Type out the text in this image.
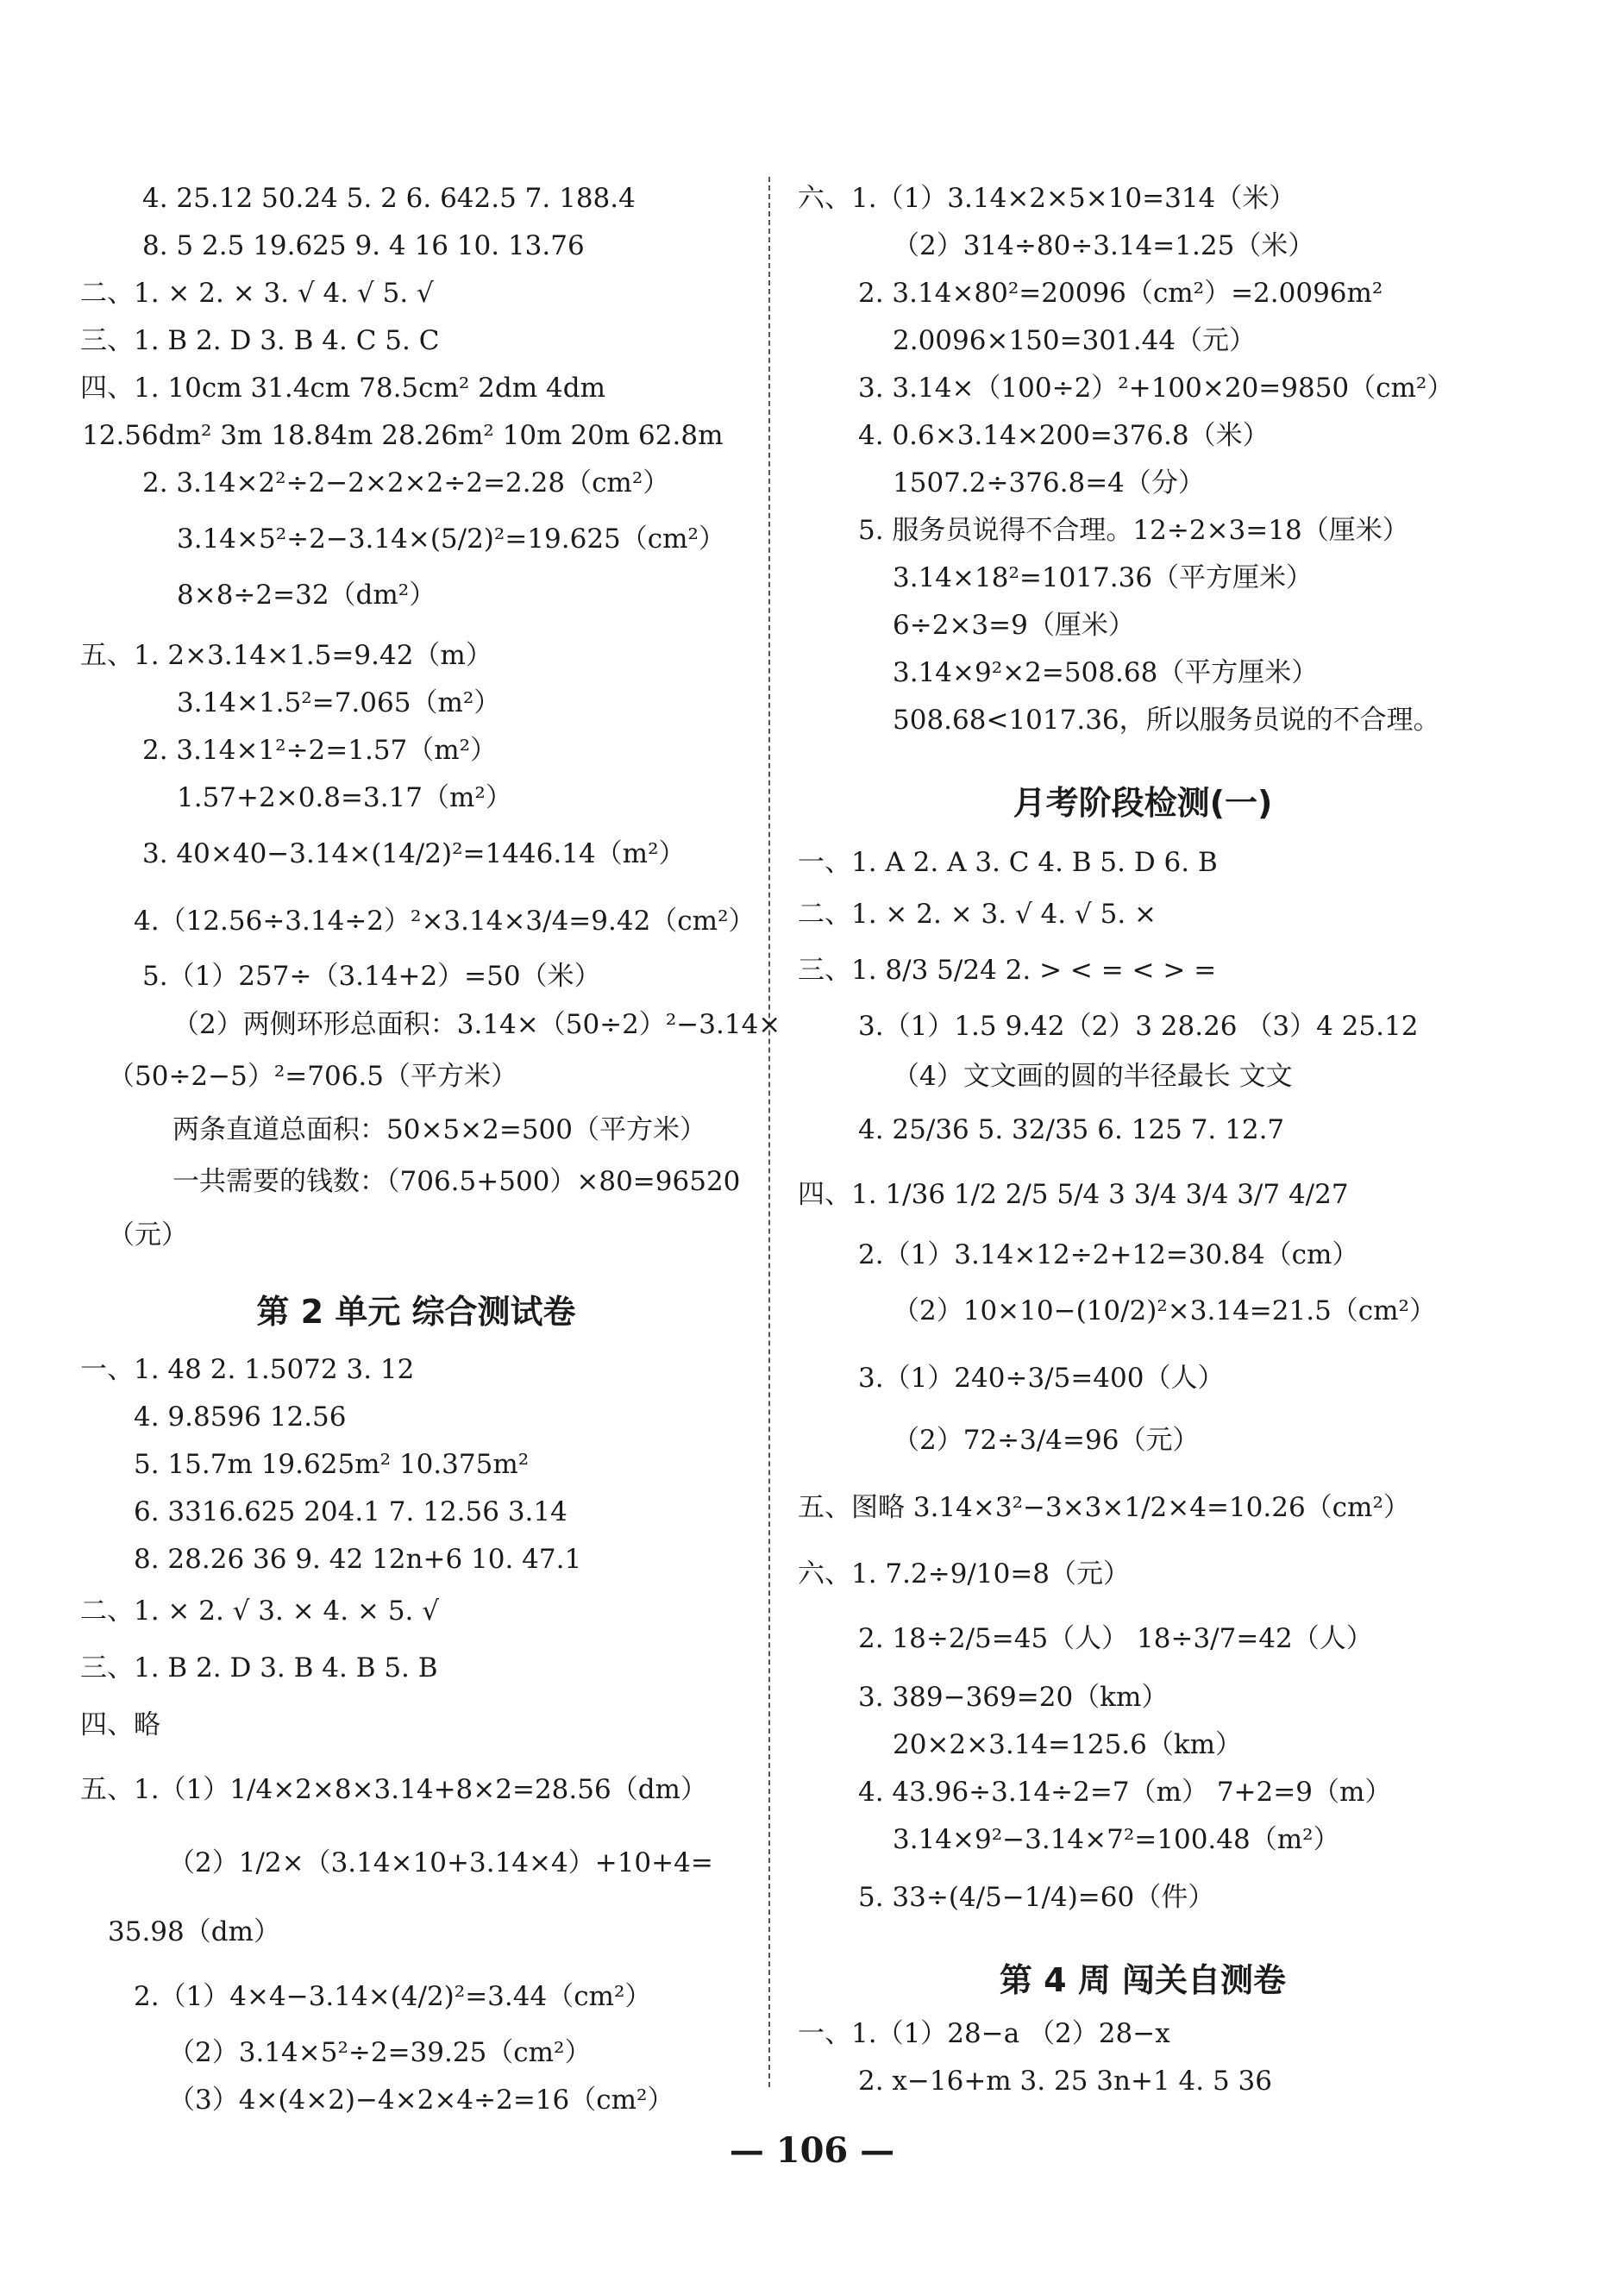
4. 25.12 50.24 5. 2 6. 642.5 7. 188.4
8. 5 2.5 19.625 9. 4 16 10. 13.76
二、1. × 2. × 3. √ 4. √ 5. √
三、1. B 2. D 3. B 4. C 5. C
四、1. 10cm 31.4cm 78.5cm² 2dm 4dm
12.56dm² 3m 18.84m 28.26m² 10m 20m 62.8m
2. 3.14×2²÷2−2×2×2÷2=2.28（cm²）
3.14×5²÷2−3.14×(5/2)²=19.625（cm²）
8×8÷2=32（dm²）
五、1. 2×3.14×1.5=9.42（m）
3.14×1.5²=7.065（m²）
2. 3.14×1²÷2=1.57（m²）
1.57+2×0.8=3.17（m²）
3. 40×40−3.14×(14/2)²=1446.14（m²）
4.（12.56÷3.14÷2）²×3.14×3/4=9.42（cm²）
5.（1）257÷（3.14+2）=50（米）
（2）两侧环形总面积：3.14×（50÷2）²−3.14×
（50÷2−5）²=706.5（平方米）
两条直道总面积：50×5×2=500（平方米）
一共需要的钱数：（706.5+500）×80=96520
（元）
第 2 单元 综合测试卷
一、1. 48 2. 1.5072 3. 12
4. 9.8596 12.56
5. 15.7m 19.625m² 10.375m²
6. 3316.625 204.1 7. 12.56 3.14
8. 28.26 36 9. 42 12n+6 10. 47.1
二、1. × 2. √ 3. × 4. × 5. √
三、1. B 2. D 3. B 4. B 5. B
四、略
五、1.（1）1/4×2×8×3.14+8×2=28.56（dm）
（2）1/2×（3.14×10+3.14×4）+10+4=
35.98（dm）
2.（1）4×4−3.14×(4/2)²=3.44（cm²）
（2）3.14×5²÷2=39.25（cm²）
（3）4×(4×2)−4×2×4÷2=16（cm²）
六、1.（1）3.14×2×5×10=314（米）
（2）314÷80÷3.14=1.25（米）
2. 3.14×80²=20096（cm²）=2.0096m²
2.0096×150=301.44（元）
3. 3.14×（100÷2）²+100×20=9850（cm²）
4. 0.6×3.14×200=376.8（米）
1507.2÷376.8=4（分）
5. 服务员说得不合理。12÷2×3=18（厘米）
3.14×18²=1017.36（平方厘米）
6÷2×3=9（厘米）
3.14×9²×2=508.68（平方厘米）
508.68<1017.36，所以服务员说的不合理。
月考阶段检测(一)
一、1. A 2. A 3. C 4. B 5. D 6. B
二、1. × 2. × 3. √ 4. √ 5. ×
三、1. 8/3 5/24 2. > < = < > =
3.（1）1.5 9.42（2）3 28.26 （3）4 25.12
（4）文文画的圆的半径最长 文文
4. 25/36 5. 32/35 6. 125 7. 12.7
四、1. 1/36 1/2 2/5 5/4 3 3/4 3/4 3/7 4/27
2.（1）3.14×12÷2+12=30.84（cm）
（2）10×10−(10/2)²×3.14=21.5（cm²）
3.（1）240÷3/5=400（人）
（2）72÷3/4=96（元）
五、图略 3.14×3²−3×3×1/2×4=10.26（cm²）
六、1. 7.2÷9/10=8（元）
2. 18÷2/5=45（人） 18÷3/7=42（人）
3. 389−369=20（km）
20×2×3.14=125.6（km）
4. 43.96÷3.14÷2=7（m） 7+2=9（m）
3.14×9²−3.14×7²=100.48（m²）
5. 33÷(4/5−1/4)=60（件）
第 4 周 闯关自测卷
一、1.（1）28−a （2）28−x
2. x−16+m 3. 25 3n+1 4. 5 36
— 106 —
